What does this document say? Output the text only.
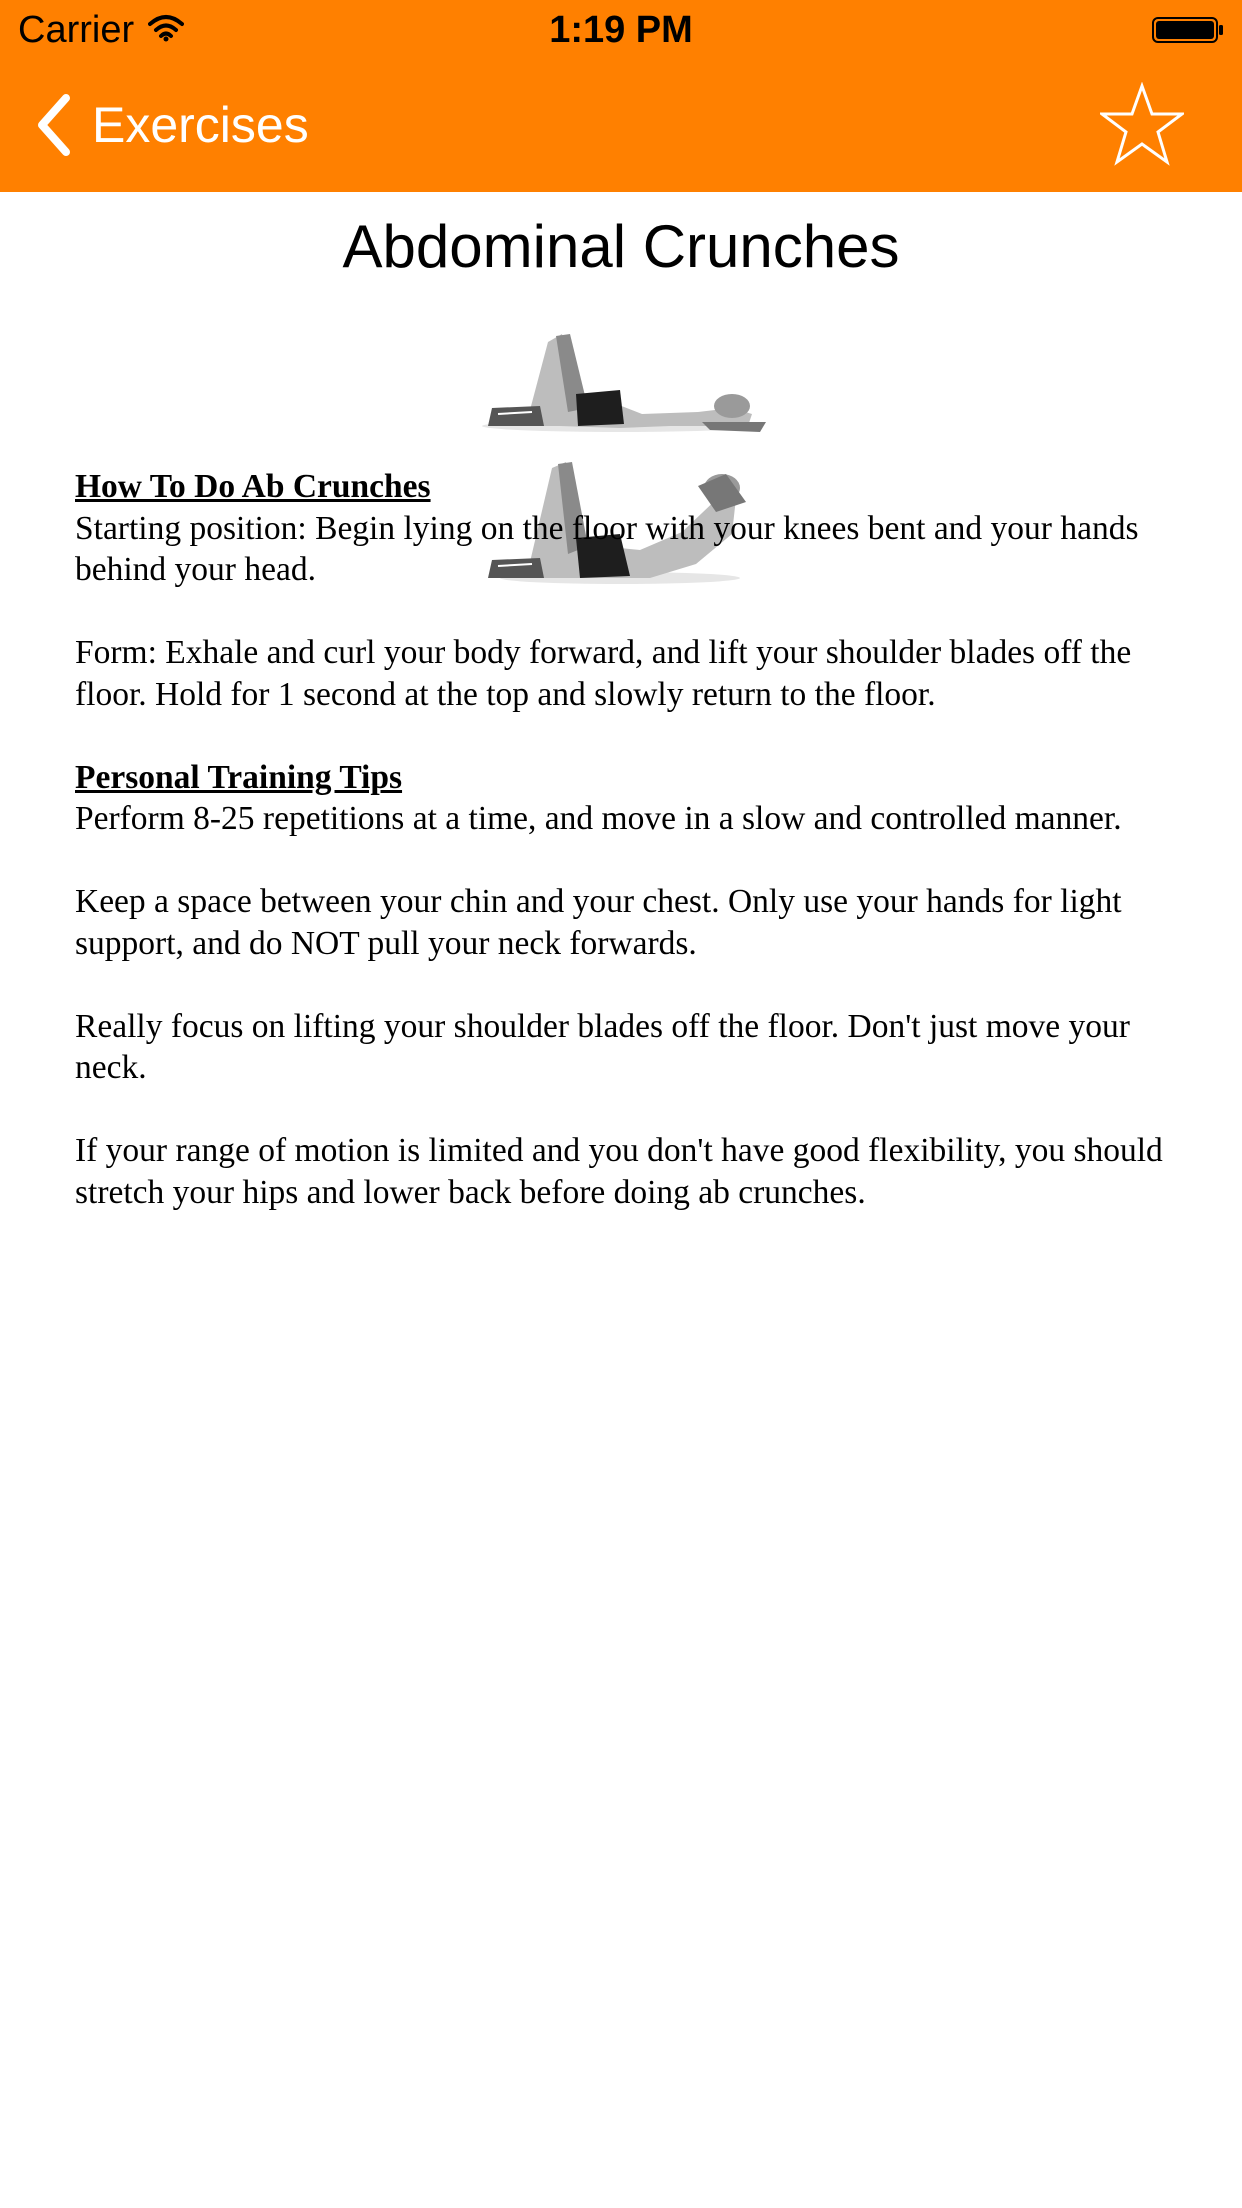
Carrier	1:19 PM
Exercises
Abdominal Crunches
How To Do Ab Crunches

Starting position: Begin lying on the floor with your knees bent and your hands behind your head.

Form: Exhale and curl your body forward, and lift your shoulder blades off the floor. Hold for 1 second at the top and slowly return to the floor.

Personal Training Tips

Perform 8-25 repetitions at a time, and move in a slow and controlled manner.

Keep a space between your chin and your chest. Only use your hands for light support, and do NOT pull your neck forwards.

Really focus on lifting your shoulder blades off the floor. Don't just move your neck.

If your range of motion is limited and you don't have good flexibility, you should stretch your hips and lower back before doing ab crunches.
